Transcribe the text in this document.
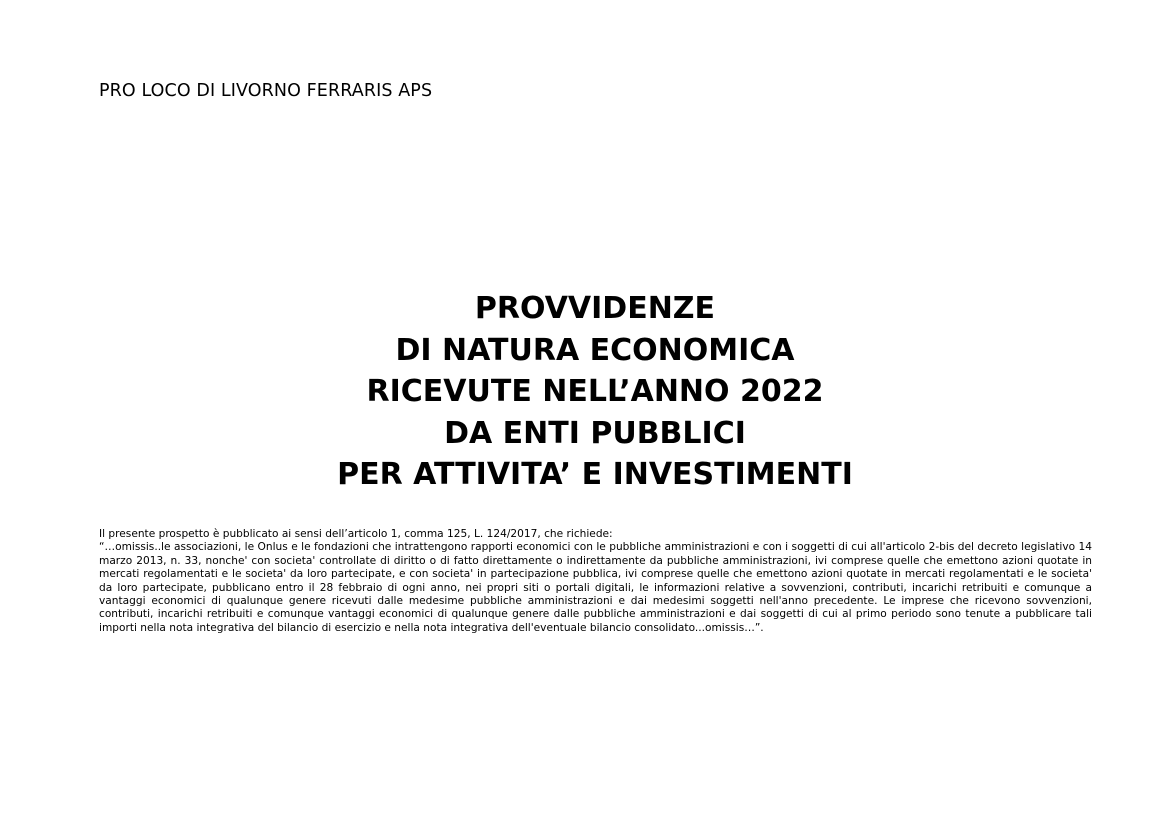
PRO LOCO DI LIVORNO FERRARIS APS
PROVVIDENZE
DI NATURA ECONOMICA
RICEVUTE NELL’ANNO 2022
DA ENTI PUBBLICI
PER ATTIVITA’ E INVESTIMENTI
Il presente prospetto è pubblicato ai sensi dell’articolo 1, comma 125, L. 124/2017, che richiede:
“…omissis..le associazioni, le Onlus e le fondazioni che intrattengono rapporti economici con le pubbliche amministrazioni e con i soggetti di cui all'articolo 2-bis del decreto legislativo 14 marzo 2013, n. 33, nonche' con societa' controllate di diritto o di fatto direttamente o indirettamente da pubbliche amministrazioni, ivi comprese quelle che emettono azioni quotate in mercati regolamentati e le societa' da loro partecipate, e con societa' in partecipazione pubblica, ivi comprese quelle che emettono azioni quotate in mercati regolamentati e le societa' da loro partecipate, pubblicano entro il 28 febbraio di ogni anno, nei propri siti o portali digitali, le informazioni relative a sovvenzioni, contributi, incarichi retribuiti e comunque a vantaggi economici di qualunque genere ricevuti dalle medesime pubbliche amministrazioni e dai medesimi soggetti nell'anno precedente. Le imprese che ricevono sovvenzioni, contributi, incarichi retribuiti e comunque vantaggi economici di qualunque genere dalle pubbliche amministrazioni e dai soggetti di cui al primo periodo sono tenute a pubblicare tali importi nella nota integrativa del bilancio di esercizio e nella nota integrativa dell'eventuale bilancio consolidato...omissis…”.
